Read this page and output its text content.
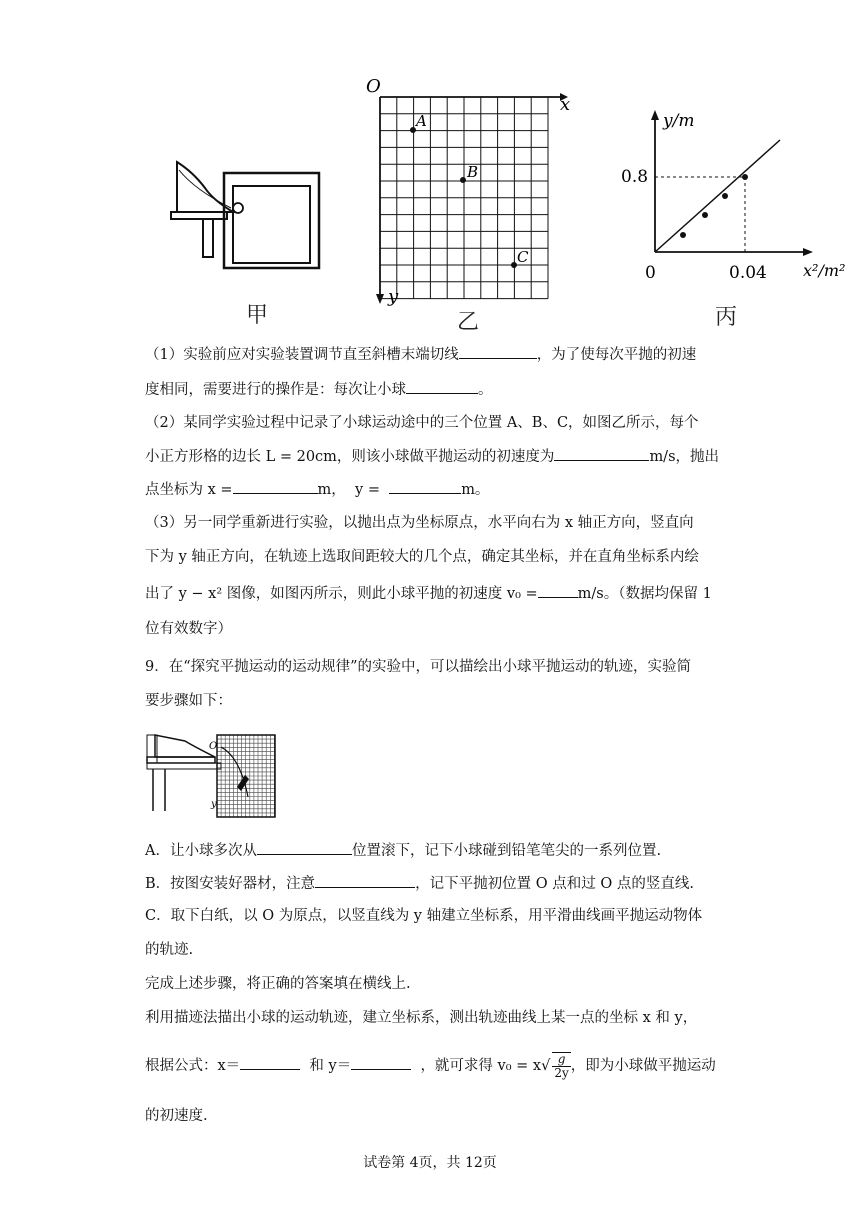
甲
O
x
y
A
B
C
乙
y/m
x²/m²
0.8
0	0.04
丙
（1）实验前应对实验装置调节直至斜槽末端切线	，为了使每次平抛的初速
度相同，需要进行的操作是：每次让小球	。
（2）某同学实验过程中记录了小球运动途中的三个位置 A、B、C，如图乙所示，每个
小正方形格的边长 L = 20cm，则该小球做平抛运动的初速度为	m/s，抛出
点坐标为 x =	m， y =	m。
（3）另一同学重新进行实验，以抛出点为坐标原点，水平向右为 x 轴正方向，竖直向
下为 y 轴正方向，在轨迹上选取间距较大的几个点，确定其坐标，并在直角坐标系内绘
出了 y − x² 图像，如图丙所示，则此小球平抛的初速度 v₀ =	m/s。（数据均保留 1
位有效数字）
9．在“探究平抛运动的运动规律”的实验中，可以描绘出小球平抛运动的轨迹，实验简
要步骤如下：
O
y
A．让小球多次从	位置滚下，记下小球碰到铅笔笔尖的一系列位置.
B．按图安装好器材，注意	，记下平抛初位置 O 点和过 O 点的竖直线.
C．取下白纸，以 O 为原点，以竖直线为 y 轴建立坐标系，用平滑曲线画平抛运动物体
的轨迹.
完成上述步骤，将正确的答案填在横线上.
利用描迹法描出小球的运动轨迹，建立坐标系，测出轨迹曲线上某一点的坐标 x 和 y，
根据公式：x＝	和 y＝	，就可求得 $v_0 = x√ \frac{g}{2y}$ ，即为小球做平抛运动
的初速度.
试卷第 4页，共 12页
